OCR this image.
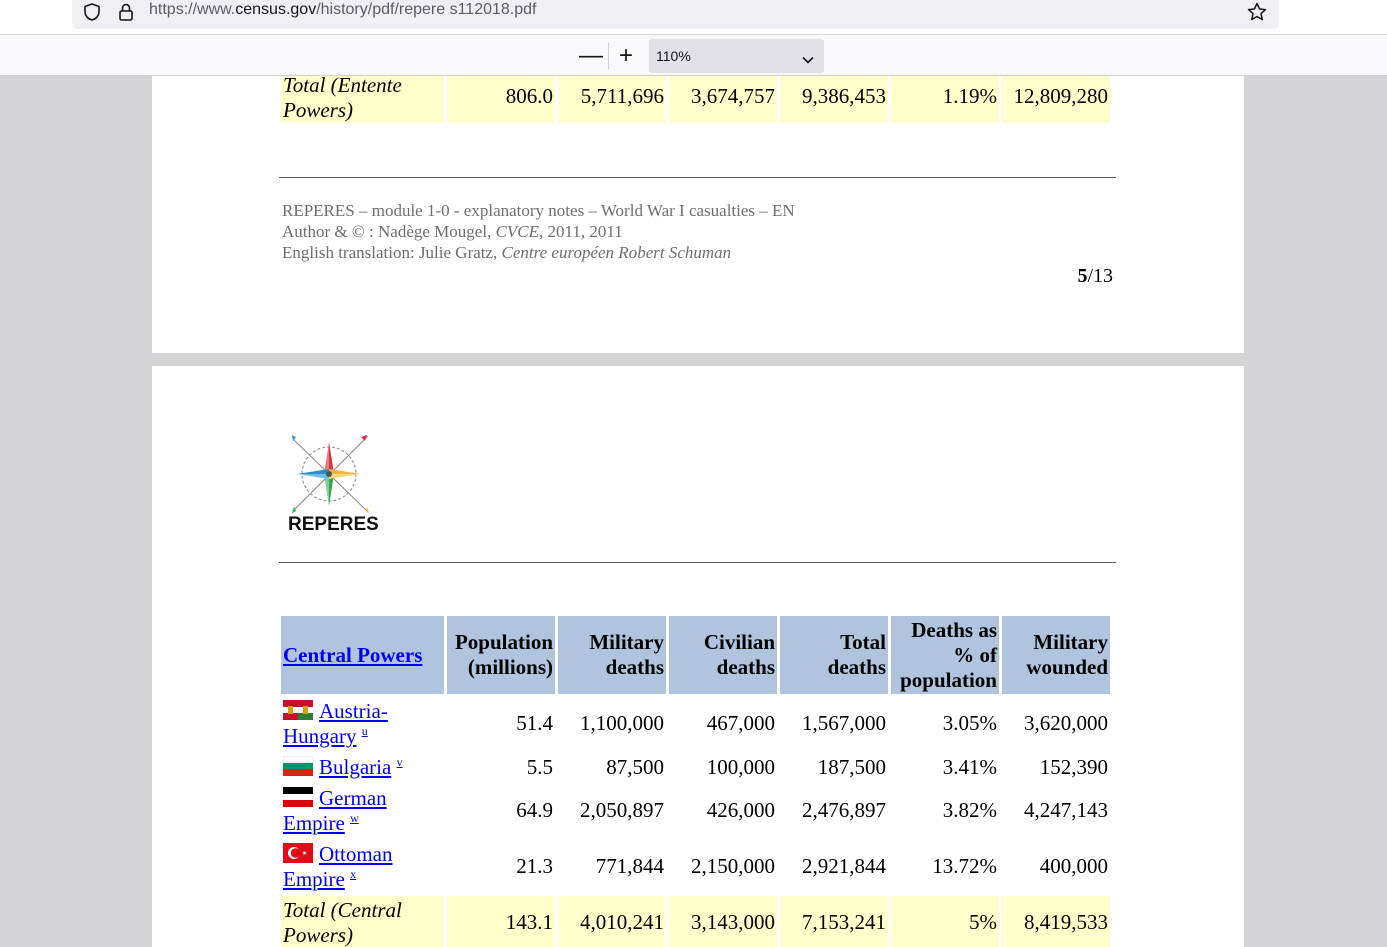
https://www.census.gov/history/pdf/repere s112018.pdf
— +	110%
Total (Entente Powers)	806.0	5,711,696	3,674,757	9,386,453	1.19%	12,809,280
REPERES – module 1-0 - explanatory notes – World War I casualties – EN
Author & © : Nadège Mougel, CVCE, 2011, 2011
English translation: Julie Gratz, Centre européen Robert Schuman
5/13
REPERES
Central Powers	Population (millions)	Military deaths	Civilian deaths	Total deaths	Deaths as % of population	Military wounded
Austria-Hungary $^u$	51.4	1,100,000	467,000	1,567,000	3.05%	3,620,000
Bulgaria $^v$	5.5	87,500	100,000	187,500	3.41%	152,390
German Empire $^w$	64.9	2,050,897	426,000	2,476,897	3.82%	4,247,143
Ottoman Empire $^x$	21.3	771,844	2,150,000	2,921,844	13.72%	400,000
Total (Central Powers)	143.1	4,010,241	3,143,000	7,153,241	5%	8,419,533
